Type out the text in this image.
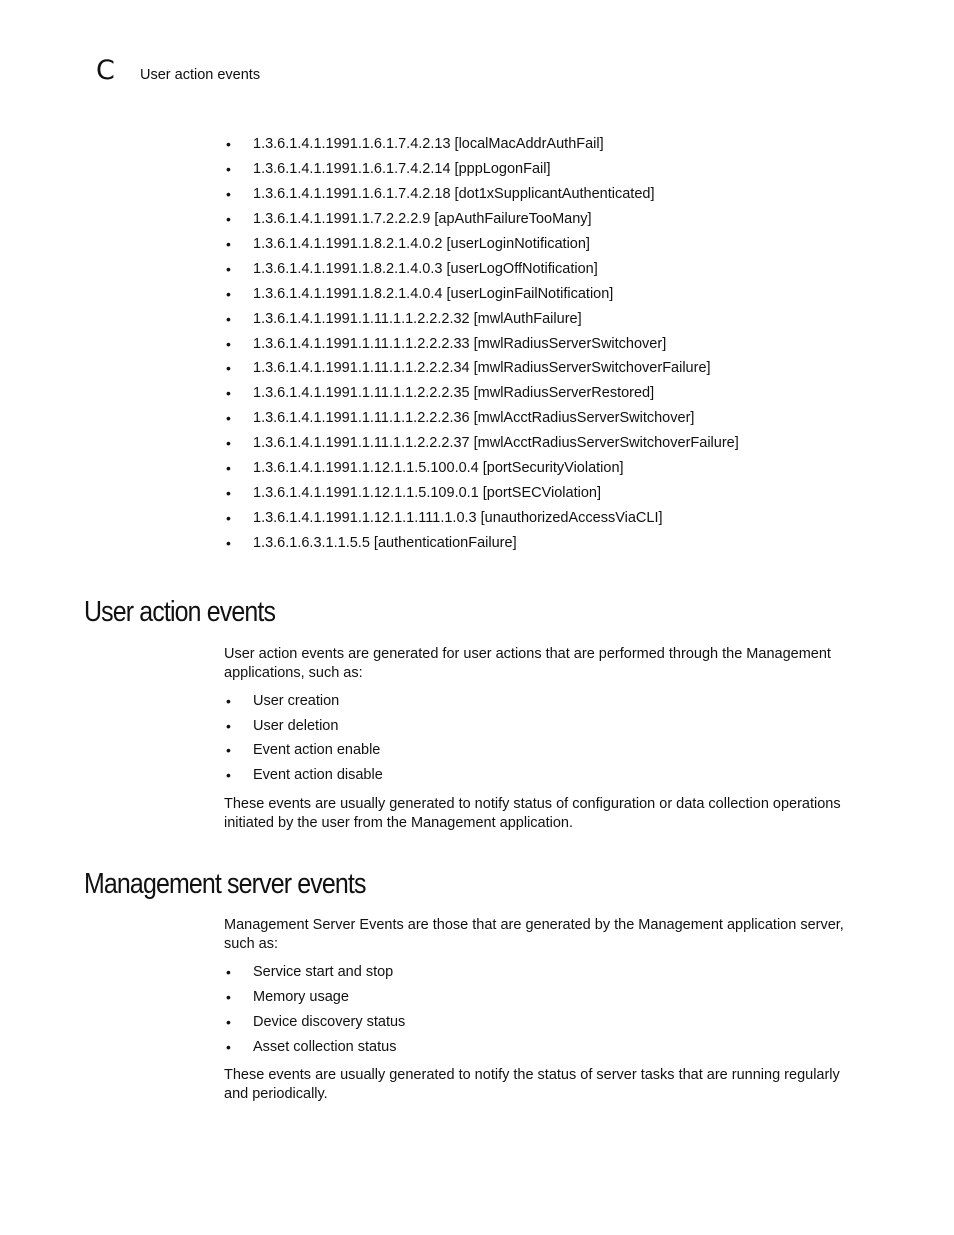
C	User action events
• 1.3.6.1.4.1.1991.1.6.1.7.4.2.13 [localMacAddrAuthFail]
• 1.3.6.1.4.1.1991.1.6.1.7.4.2.14 [pppLogonFail]
• 1.3.6.1.4.1.1991.1.6.1.7.4.2.18 [dot1xSupplicantAuthenticated]
• 1.3.6.1.4.1.1991.1.7.2.2.2.9 [apAuthFailureTooMany]
• 1.3.6.1.4.1.1991.1.8.2.1.4.0.2 [userLoginNotification]
• 1.3.6.1.4.1.1991.1.8.2.1.4.0.3 [userLogOffNotification]
• 1.3.6.1.4.1.1991.1.8.2.1.4.0.4 [userLoginFailNotification]
• 1.3.6.1.4.1.1991.1.11.1.1.2.2.2.32 [mwlAuthFailure]
• 1.3.6.1.4.1.1991.1.11.1.1.2.2.2.33 [mwlRadiusServerSwitchover]
• 1.3.6.1.4.1.1991.1.11.1.1.2.2.2.34 [mwlRadiusServerSwitchoverFailure]
• 1.3.6.1.4.1.1991.1.11.1.1.2.2.2.35 [mwlRadiusServerRestored]
• 1.3.6.1.4.1.1991.1.11.1.1.2.2.2.36 [mwlAcctRadiusServerSwitchover]
• 1.3.6.1.4.1.1991.1.11.1.1.2.2.2.37 [mwlAcctRadiusServerSwitchoverFailure]
• 1.3.6.1.4.1.1991.1.12.1.1.5.100.0.4 [portSecurityViolation]
• 1.3.6.1.4.1.1991.1.12.1.1.5.109.0.1 [portSECViolation]
• 1.3.6.1.4.1.1991.1.12.1.1.111.1.0.3 [unauthorizedAccessViaCLI]
• 1.3.6.1.6.3.1.1.5.5 [authenticationFailure]
User action events

User action events are generated for user actions that are performed through the Management applications, such as:

• User creation
• User deletion
• Event action enable
• Event action disable

These events are usually generated to notify status of configuration or data collection operations initiated by the user from the Management application.

Management server events

Management Server Events are those that are generated by the Management application server, such as:

• Service start and stop
• Memory usage
• Device discovery status
• Asset collection status

These events are usually generated to notify the status of server tasks that are running regularly and periodically.
